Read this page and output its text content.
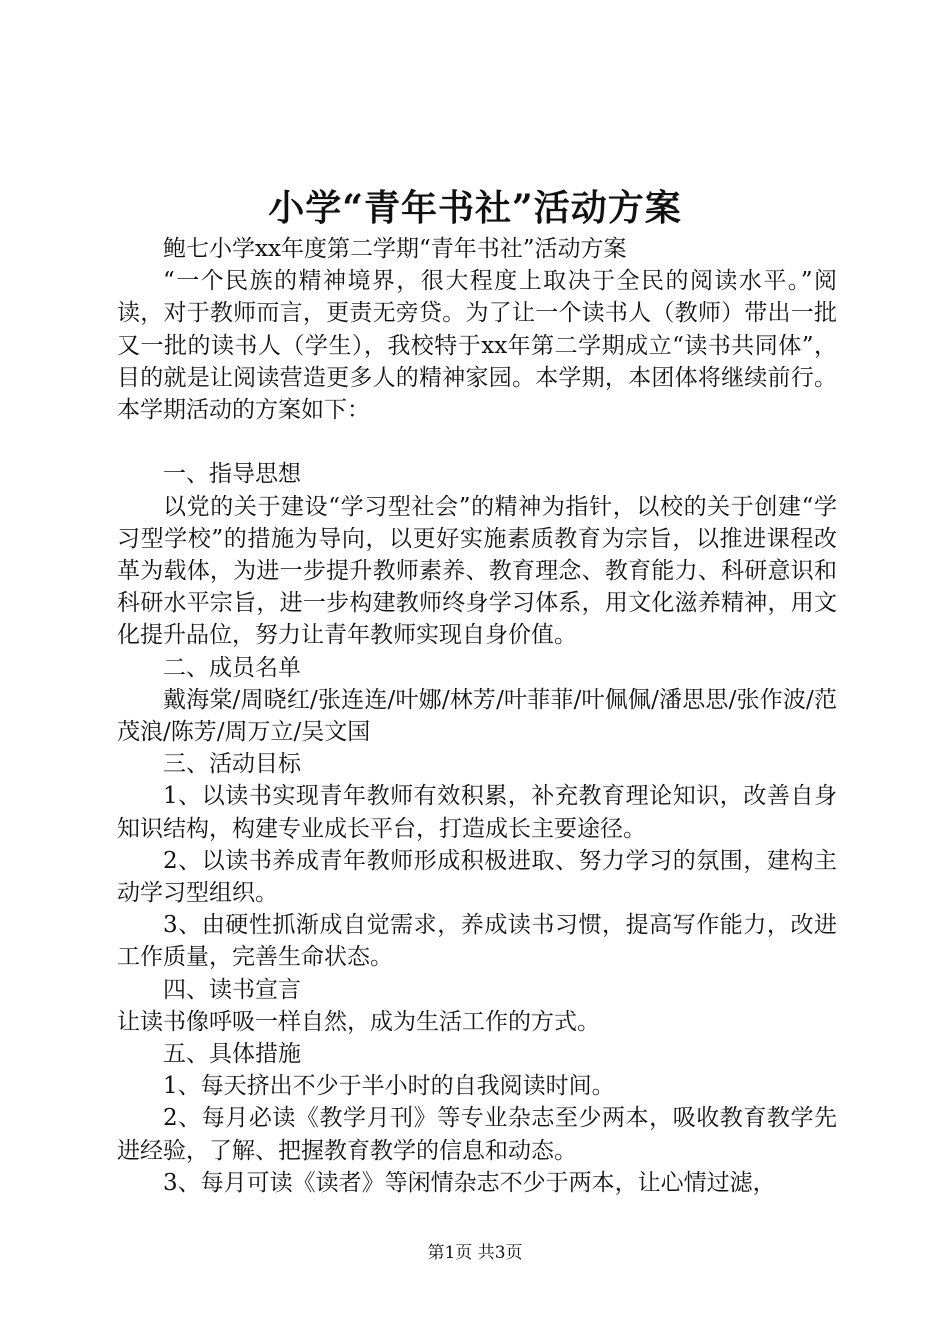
小学“青年书社”活动方案

鲍七小学xx年度第二学期“青年书社”活动方案

“一个民族的精神境界，很大程度上取决于全民的阅读水平。”阅读，对于教师而言，更责无旁贷。为了让一个读书人（教师）带出一批又一批的读书人（学生），我校特于xx年第二学期成立“读书共同体”，目的就是让阅读营造更多人的精神家园。本学期，本团体将继续前行。本学期活动的方案如下：

一、指导思想

以党的关于建设“学习型社会”的精神为指针，以校的关于创建“学习型学校”的措施为导向，以更好实施素质教育为宗旨，以推进课程改革为载体，为进一步提升教师素养、教育理念、教育能力、科研意识和科研水平宗旨，进一步构建教师终身学习体系，用文化滋养精神，用文化提升品位，努力让青年教师实现自身价值。

二、成员名单

戴海棠/周晓红/张连连/叶娜/林芳/叶菲菲/叶佩佩/潘思思/张作波/范茂浪/陈芳/周万立/吴文国

三、活动目标

1、以读书实现青年教师有效积累，补充教育理论知识，改善自身知识结构，构建专业成长平台，打造成长主要途径。

2、以读书养成青年教师形成积极进取、努力学习的氛围，建构主动学习型组织。

3、由硬性抓渐成自觉需求，养成读书习惯，提高写作能力，改进工作质量，完善生命状态。

四、读书宣言

让读书像呼吸一样自然，成为生活工作的方式。

五、具体措施

1、每天挤出不少于半小时的自我阅读时间。

2、每月必读《教学月刊》等专业杂志至少两本，吸收教育教学先进经验，了解、把握教育教学的信息和动态。

3、每月可读《读者》等闲情杂志不少于两本，让心情过滤，

第1页 共3页
